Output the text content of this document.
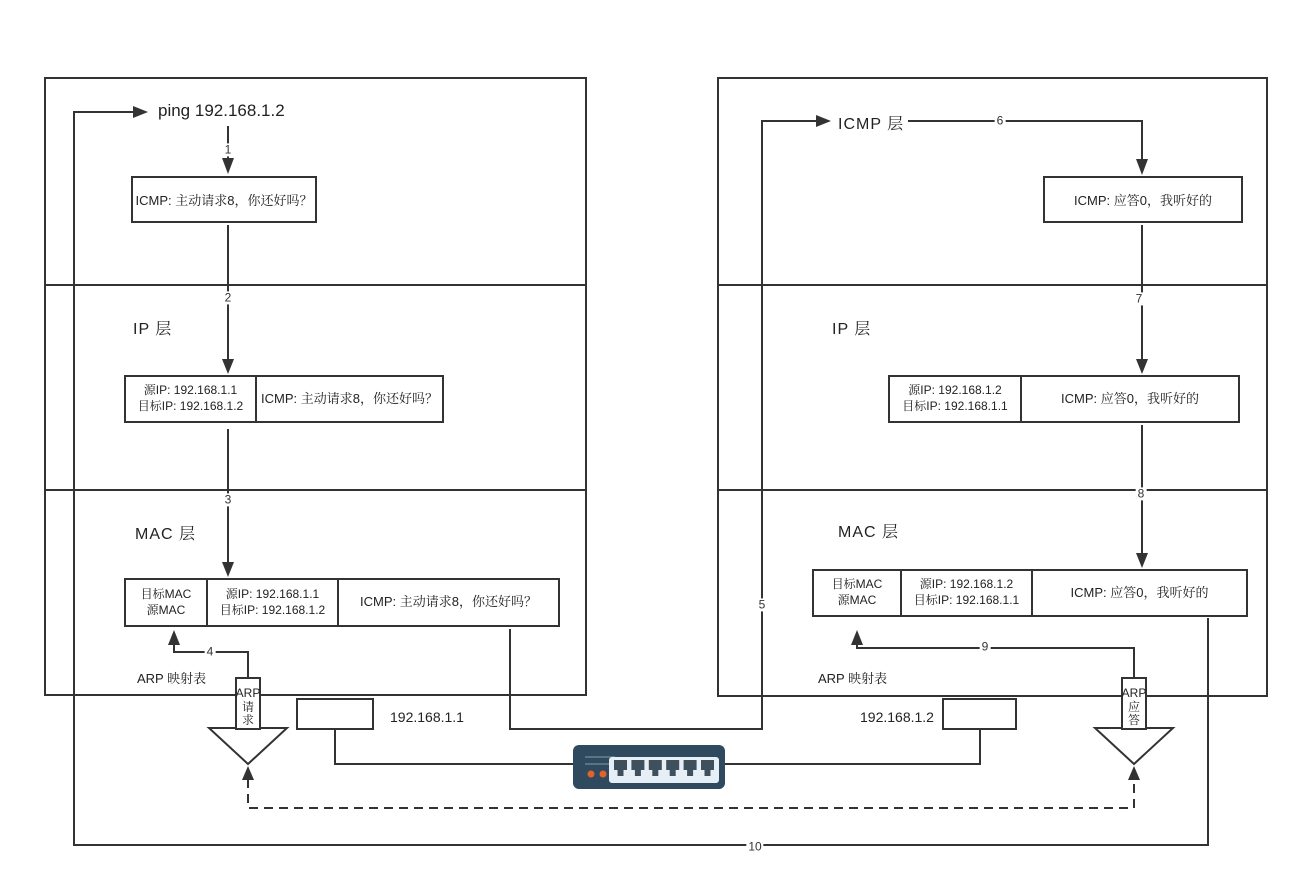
ping 192.168.1.2
ICMP: 主动请求8，你还好吗？
IP 层
源IP: 192.168.1.1
目标IP: 192.168.1.2
ICMP: 主动请求8，你还好吗？
MAC 层
目标MAC
源MAC
源IP: 192.168.1.1
目标IP: 192.168.1.2
ICMP: 主动请求8，你还好吗？
ARP 映射表
ARP
请求	192.168.1.1
ICMP 层
ICMP: 应答0，我听好的
IP 层
源IP: 192.168.1.2
目标IP: 192.168.1.1
ICMP: 应答0，我听好的
MAC 层
目标MAC
源MAC
源IP: 192.168.1.2
目标IP: 192.168.1.1
ICMP: 应答0，我听好的
ARP 映射表
ARP
应答
192.168.1.2
1
2
3
4
5
6
7
8
9
10
